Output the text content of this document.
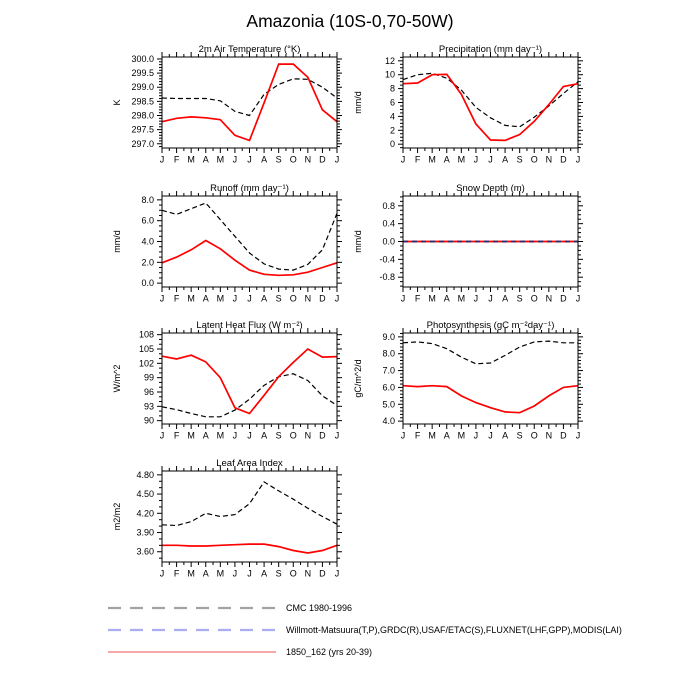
Amazonia (10S-0,70-50W)
J F M A M J J A S O N D J
297.0
297.5
298.0
298.5
299.0
299.5
300.0
2m Air Temperature (°K)
K
J F M A M J J A S O N D J
0
2
4
6
8
10
12
Precipitation (mm day⁻¹)
mm/d
J F M A M J J A S O N D J
0.0
2.0
4.0
6.0
8.0
Runoff (mm day⁻¹)
mm/d
J F M A M J J A S O N D J
-0.8
-0.4
0.0
0.4
0.8
Snow Depth (m)
mm/d
J F M A M J J A S O N D J
90
93
96
99
102
105
108
Latent Heat Flux (W m⁻²)
W/m^2
J F M A M J J A S O N D J
4.0
5.0
6.0
7.0
8.0
9.0
Photosynthesis (gC m⁻²day⁻¹)
gC/m^2/d
J F M A M J J A S O N D J
3.60
3.90
4.20
4.50
4.80
Leaf Area Index
m2/m2
CMC 1980-1996
Willmott-Matsuura(T,P),GRDC(R),USAF/ETAC(S),FLUXNET(LHF,GPP),MODIS(LAI)
1850_162 (yrs 20-39)
